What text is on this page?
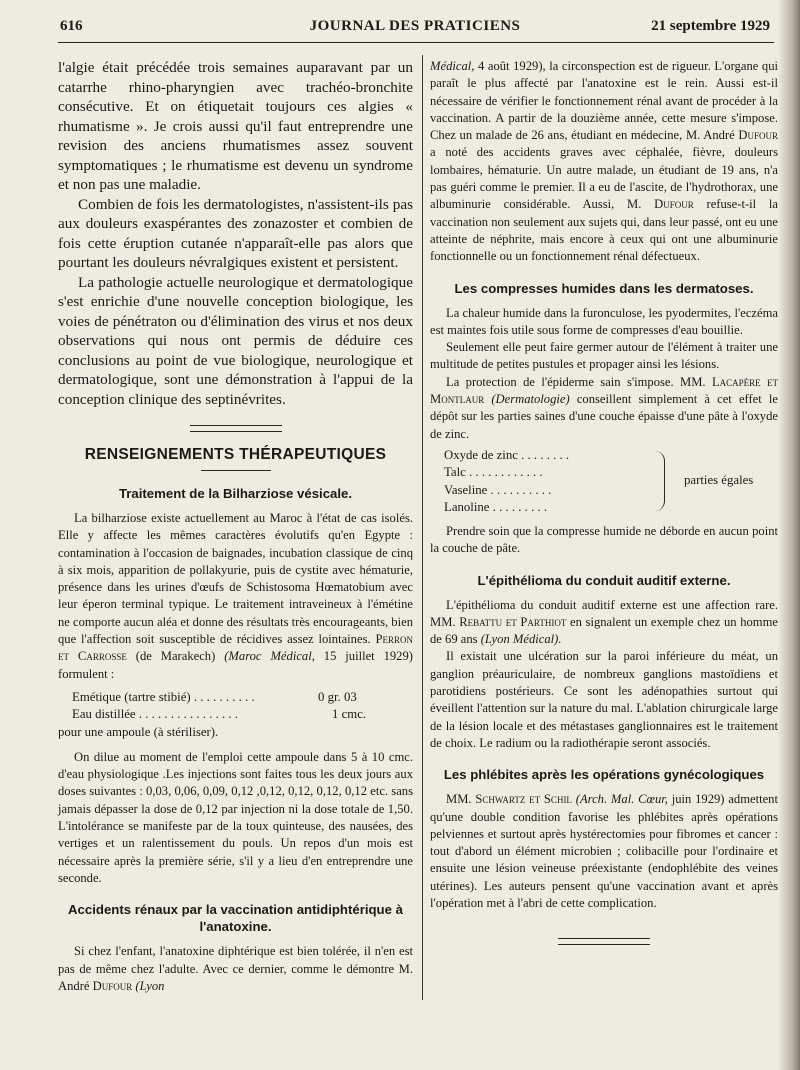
616	JOURNAL DES PRATICIENS	21 septembre 1929

l'algie était précédée trois semaines auparavant par un catarrhe rhino-pharyngien avec trachéo-bronchite consécutive. Et on étiquetait toujours ces algies « rhumatisme ». Je crois aussi qu'il faut entreprendre une revision des anciens rhumatismes assez souvent symptomatiques ; le rhumatisme est devenu un syndrome et non pas une maladie.

Combien de fois les dermatologistes, n'assistent-ils pas aux douleurs exaspérantes des zonazoster et combien de fois cette éruption cutanée n'apparaît-elle pas alors que pourtant les douleurs névralgiques existent et persistent.

La pathologie actuelle neurologique et dermatologique s'est enrichie d'une nouvelle conception biologique, les voies de pénétraton ou d'élimination des virus et nos deux observations qui nous ont permis de déduire ces conclusions au point de vue biologique, neurologique et dermatologique, sont une démonstration à l'appui de la conception clinique des septinévrites.

RENSEIGNEMENTS THÉRAPEUTIQUES
Traitement de la Bilharziose vésicale.

La bilharziose existe actuellement au Maroc à l'état de cas isolés. Elle y affecte les mêmes caractères évolutifs qu'en Egypte : contamination à l'occasion de baignades, incubation classique de cinq à six mois, apparition de pollakyurie, puis de cystite avec hématurie, présence dans les urines d'œufs de Schistosoma Hœmatobium avec leur éperon terminal typique. Le traitement intraveineux à l'émétine ne comporte aucun aléa et donne des résultats très encourageants, bien que l'affection soit susceptible de récidives assez lointaines. Perron et Carrosse (de Marakech) (Maroc Médical, 15 juillet 1929) formulent :

Emétique (tartre stibié) . . . . . . . . . .	0 gr. 03
Eau distillée . . . . . . . . . . . . . . . .	1 cmc.
pour une ampoule (à stériliser).

On dilue au moment de l'emploi cette ampoule dans 5 à 10 cmc. d'eau physiologique .Les injections sont faites tous les deux jours aux doses suivantes : 0,03, 0,06, 0,09, 0,12 ,0,12, 0,12, 0,12, 0,12 etc. sans jamais dépasser la dose de 0,12 par injection ni la dose totale de 1,50. L'intolérance se manifeste par de la toux quinteuse, des nausées, des vertiges et un ralentissement du pouls. Un repos d'un mois est nécessaire après la première série, s'il y a lieu d'en entreprendre une seconde.

Accidents rénaux par la vaccination antidiphtérique à l'anatoxine.

Si chez l'enfant, l'anatoxine diphtérique est bien tolérée, il n'en est pas de même chez l'adulte. Avec ce dernier, comme le démontre M. André Dufour (Lyon

Médical, 4 août 1929), la circonspection est de rigueur. L'organe qui paraît le plus affecté par l'anatoxine est le rein. Aussi est-il nécessaire de vérifier le fonctionnement rénal avant de procéder à la vaccination. A partir de la douzième année, cette mesure s'impose. Chez un malade de 26 ans, étudiant en médecine, M. André Dufour a noté des accidents graves avec céphalée, fièvre, douleurs lombaires, hématurie. Un autre malade, un étudiant de 19 ans, n'a pas guéri comme le premier. Il a eu de l'ascite, de l'hydrothorax, une albuminurie considérable. Aussi, M. Dufour refuse-t-il la vaccination non seulement aux sujets qui, dans leur passé, ont eu une atteinte de néphrite, mais encore à ceux qui ont une albuminurie fonctionnelle ou un fonctionnement rénal défectueux.

Les compresses humides dans les dermatoses.

La chaleur humide dans la furonculose, les pyodermites, l'eczéma est maintes fois utile sous forme de compresses d'eau bouillie.

Seulement elle peut faire germer autour de l'élément à traiter une multitude de petites pustules et propager ainsi les lésions.

La protection de l'épiderme sain s'impose. MM. Lacapère et Montlaur (Dermatologie) conseillent simplement à cet effet le dépôt sur les parties saines d'une couche épaisse d'une pâte à l'oxyde de zinc.

Oxyde de zinc . . . . . . . .
Talc . . . . . . . . . . . .
Vaseline . . . . . . . . . .
Lanoline . . . . . . . . .
parties égales

Prendre soin que la compresse humide ne déborde en aucun point la couche de pâte.

L'épithélioma du conduit auditif externe.

L'épithélioma du conduit auditif externe est une affection rare. MM. Rebattu et Parthiot en signalent un exemple chez un homme de 69 ans (Lyon Médical).

Il existait une ulcération sur la paroi inférieure du méat, un ganglion préauriculaire, de nombreux ganglions mastoïdiens et parotidiens postérieurs. Ce sont les adénopathies surtout qui éveillent l'attention sur la nature du mal. L'ablation chirurgicale large de la lésion locale et des métastases ganglionnaires est le traitement de choix. Le radium ou la radiothérapie seront associés.

Les phlébites après les opérations gynécologiques

MM. Schwartz et Schil (Arch. Mal. Cœur, juin 1929) admettent qu'une double condition favorise les phlébites après opérations pelviennes et surtout après hystérectomies pour fibromes et cancer : tout d'abord un élément microbien ; colibacille pour l'ordinaire et ensuite une lésion veineuse préexistante (endophlébite des veines utérines). Les auteurs pensent qu'une vaccination avant et après l'opération met à l'abri de cette complication.
